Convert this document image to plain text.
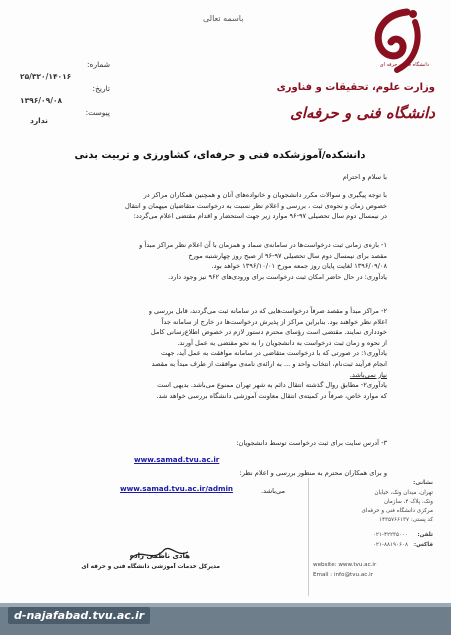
باسمه تعالی
شماره:
۲۵/۳۲۰/۱۴۰۱۶
تاریخ:
۱۳۹۶/۰۹/۰۸
پیوست:
ندارد
دانشگاه فنی و حرفه ای
وزارت علوم، تحقیقات و فناوری
دانشگاه فنی و حرفه‌ای
دانشکده/آموزشکده فنی و حرفه‌ای، کشاورزی و تربیت بدنی
با سلام و احترام
با توجه پیگیری و سوالات مکرر دانشجویان و خانواده‌های آنان و همچنین همکاران مراکز در
خصوص زمان و نحوه‌ی ثبت ، بررسی و اعلام نظر نسبت به درخواست متقاضیان میهمان و انتقال
در نیمسال دوم سال تحصیلی ۹۷-۹۶ موارد زیر جهت استحضار و اقدام مقتضی اعلام می‌گردد:
۱- بازه‌ی زمانی ثبت درخواست‌ها در سامانه‌ی سماد و همزمان با آن اعلام نظر مراکز مبدأ و
مقصد برای نیمسال دوم سال تحصیلی ۹۷-۹۶ از صبح روز چهارشنبه مورخ
۱۳۹۶/۰۹/۰۸ لغایت پایان روز جمعه مورخ ۱۳۹۶/۱۰/۰۱ خواهد بود.
یادآوری: در حال حاضر امکان ثبت درخواست برای ورودی‌های ۹۶۲ نیز وجود دارد.
۲- مراکز مبدأ و مقصد صرفاً درخواست‌هایی که در سامانه ثبت می‌گردند، قابل بررسی و
اعلام نظر خواهند بود. بنابراین مراکز از پذیرش درخواست‌ها در خارج از سامانه جداً
خودداری نمایند. مقتضی است رؤسای محترم دستور لازم در خصوص اطلاع‌رسانی کامل
از نحوه و زمان ثبت درخواست به دانشجویان را به نحو مقتضی به عمل آورند.
یادآوری۱: در صورتی که با درخواست متقاضی در سامانه موافقت به عمل آید، جهت
انجام فرآیند ثبت‌نام، انتخاب واحد و ... به ارائه‌ی نامه‌ی موافقت از طرف مبدأ به مقصد
نیاز نمی‌باشد.
یادآوری۲- مطابق روال گذشته انتقال دائم به شهر تهران ممنوع می‌باشد. بدیهی است
که موارد خاص، صرفاً در کمیته‌ی انتقال معاونت آموزشی دانشگاه بررسی خواهد شد.
۳- آدرس سایت برای ثبت درخواست توسط دانشجویان:
www.samad.tvu.ac.ir
و برای همکاران محترم به منظور بررسی و اعلام نظر:
www.samad.tvu.ac.ir/admin	می‌باشد.
هادی ناظمی زاده
مدیرکل خدمات آموزشی دانشگاه فنی و حرفه ای
نشانی:
تهران، میدان ونک، خیابان
ونک، پلاک ۴، سازمان
مرکزی دانشگاه فنی و حرفه‌ای
کد پستی: ۱۴۳۵۷۶۶۱۳۷
تلفن:
۰۲۱-۴۲۲۳۵۰۰۰
فاکس:
۰۲۱-۸۸۱۹۰۶۰۸
website: www.tvu.ac.ir
Email : info@tvu.ac.ir
d-najafabad.tvu.ac.ir
